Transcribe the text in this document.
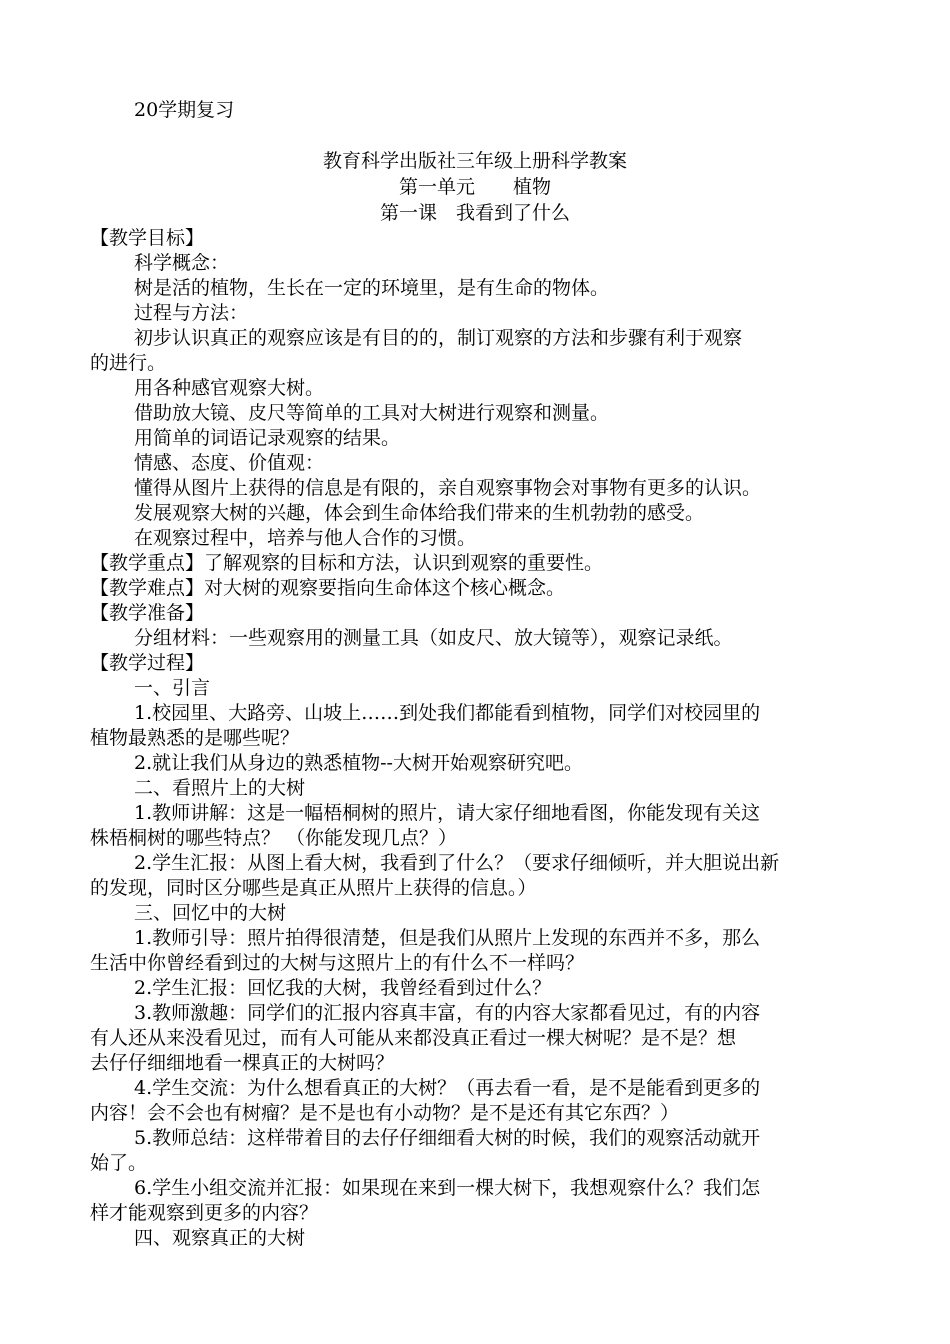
20学期复习

教育科学出版社三年级上册科学教案

第一单元　　植物

第一课　我看到了什么

【教学目标】

科学概念：

树是活的植物，生长在一定的环境里，是有生命的物体。

过程与方法：

初步认识真正的观察应该是有目的的，制订观察的方法和步骤有利于观察

的进行。

用各种感官观察大树。

借助放大镜、皮尺等简单的工具对大树进行观察和测量。

用简单的词语记录观察的结果。

情感、态度、价值观：

懂得从图片上获得的信息是有限的，亲自观察事物会对事物有更多的认识。

发展观察大树的兴趣，体会到生命体给我们带来的生机勃勃的感受。

在观察过程中，培养与他人合作的习惯。

【教学重点】了解观察的目标和方法，认识到观察的重要性。

【教学难点】对大树的观察要指向生命体这个核心概念。

【教学准备】

分组材料：一些观察用的测量工具（如皮尺、放大镜等），观察记录纸。

【教学过程】

一、引言

1.校园里、大路旁、山坡上……到处我们都能看到植物，同学们对校园里的

植物最熟悉的是哪些呢？

2.就让我们从身边的熟悉植物--大树开始观察研究吧。

二、看照片上的大树

1.教师讲解：这是一幅梧桐树的照片，请大家仔细地看图，你能发现有关这

株梧桐树的哪些特点？ （你能发现几点？）

2.学生汇报：从图上看大树，我看到了什么？（要求仔细倾听，并大胆说出新

的发现，同时区分哪些是真正从照片上获得的信息。）

三、回忆中的大树

1.教师引导：照片拍得很清楚，但是我们从照片上发现的东西并不多，那么

生活中你曾经看到过的大树与这照片上的有什么不一样吗？

2.学生汇报：回忆我的大树，我曾经看到过什么？

3.教师激趣：同学们的汇报内容真丰富，有的内容大家都看见过，有的内容

有人还从来没看见过，而有人可能从来都没真正看过一棵大树呢？是不是？想

去仔仔细细地看一棵真正的大树吗？

4.学生交流：为什么想看真正的大树？（再去看一看，是不是能看到更多的

内容！会不会也有树瘤？是不是也有小动物？是不是还有其它东西？）

5.教师总结：这样带着目的去仔仔细细看大树的时候，我们的观察活动就开

始了。

6.学生小组交流并汇报：如果现在来到一棵大树下，我想观察什么？我们怎

样才能观察到更多的内容？

四、观察真正的大树
